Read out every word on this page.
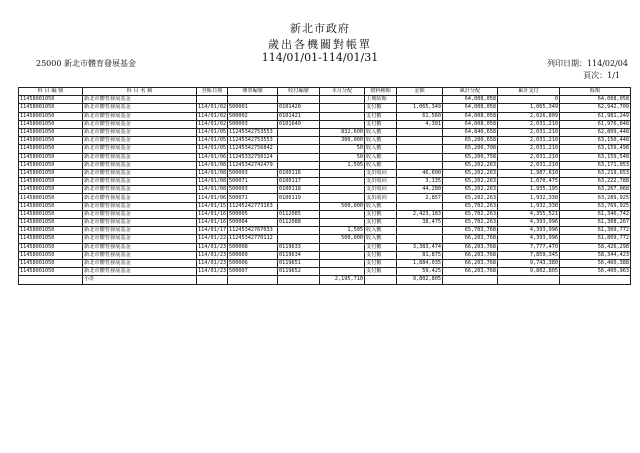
新北市政府
歲出各機關對帳單
114/01/01-114/01/31
25000 新北市體育發展基金	列印日期：114/02/04
頁次：1/1
科 目 編 號	科 目 名 稱	登帳日期	傳票編號	收付編號	本月分配	資料種類	金額	累計分配	累計支付	餘額
11458001050	新北市體育發展基金					上期結餘		64,008,058	0	64,008,058
11458001050	新北市體育發展基金	114/01/02	500001	0101420		支付數	1,065,349	64,008,058	1,065,349	62,942,709
11458001050	新北市體育發展基金	114/01/02	500002	0101421		支付數	61,560	64,008,058	2,026,809	61,981,249
11458001050	新北市體育發展基金	114/01/02	500003	0101640		支付數	4,301	64,008,058	2,031,210	61,976,848
11458001050	新北市體育發展基金	114/01/05	11245342753553		832,600	收入數		64,840,658	2,031,210	62,809,448
11458001050	新北市體育發展基金	114/01/05	11245342753553		300,000	收入數		65,200,658	2,031,210	63,150,448
11458001050	新北市體育發展基金	114/01/05	11245342756842		50	收入數		65,200,708	2,031,210	63,159,498
11458001050	新北市體育發展基金	114/01/06	11245332750124		50	收入數		65,200,758	2,031,210	63,159,548
11458001050	新北市體育發展基金	114/01/08	11245342742479		1,505	收入數		65,202,263	2,031,210	63,171,053
11458001050	新北市體育發展基金	114/01/08	500003	0100116		支出收回	46,600	65,202,263	1,987,610	63,219,653
11458001050	新北市體育發展基金	114/01/08	500071	0100117		支出收回	3,135	65,202,263	1,070,475	63,222,788
11458001050	新北市體育發展基金	114/01/08	500003	0100118		支出收回	44,280	65,202,263	1,935,195	63,267,068
11458001050	新北市體育發展基金	114/01/06	500071	0100119		支出收回	2,857	65,202,263	1,932,338	63,289,925
11458001050	新北市體育發展基金	114/01/15	11245242773163		500,000	收入數		65,702,263	1,932,338	63,769,925
11458001050	新北市體育發展基金	114/01/16	500005	0112085		支付數	2,423,183	65,702,263	4,355,521	61,346,742
11458001050	新北市體育發展基金	114/01/16	500004	0112088		支付數	38,475	65,702,263	4,393,996	61,308,267
11458001050	新北市體育發展基金	114/01/17	11245342767033		1,505	收入數		65,703,768	4,393,996	61,309,772
11458001050	新北市體育發展基金	114/01/22	11245342770112		500,000	收入數		66,203,768	4,393,996	61,809,772
11458001050	新北市體育發展基金	114/01/23	500008	0119633		支付數	3,383,474	66,203,768	7,777,470	58,426,298
11458001050	新北市體育發展基金	114/01/23	500009	0119634		支付數	81,875	66,203,768	7,859,345	58,344,423
11458001050	新北市體育發展基金	114/01/23	500006	0119651		支付數	1,884,035	66,203,768	9,743,380	56,460,388
11458001050	新北市體育發展基金	114/01/23	500007	0119652		支付數	59,425	66,203,768	9,802,805	56,400,963
	小計				2,195,710		9,802,805			
